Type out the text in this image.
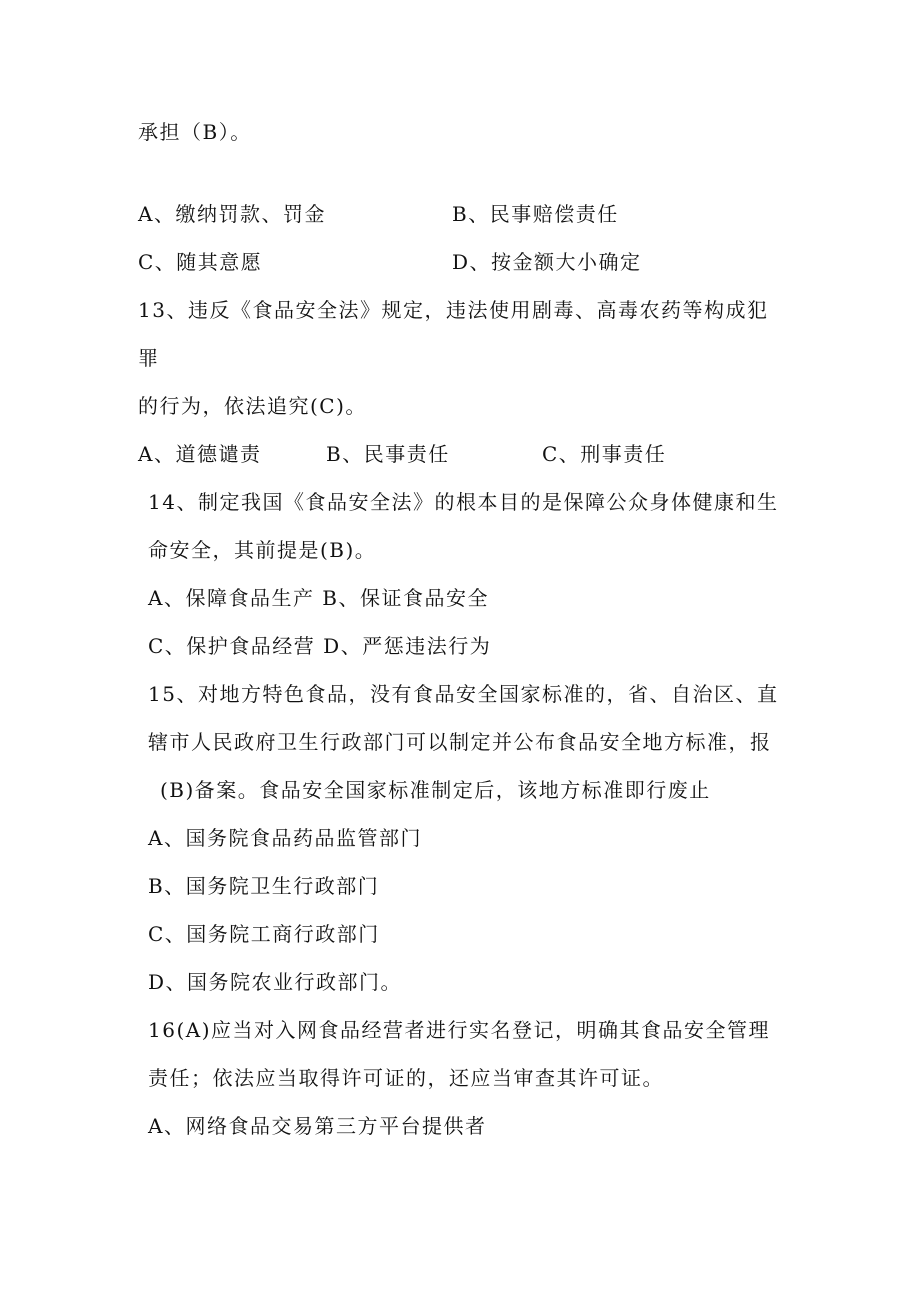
承担（B）。
A、缴纳罚款、罚金	B、民事赔偿责任
C、随其意愿	D、按金额大小确定
13、违反《食品安全法》规定，违法使用剧毒、高毒农药等构成犯
罪
的行为，依法追究(C)。
A、道德谴责	B、民事责任	C、刑事责任
14、制定我国《食品安全法》的根本目的是保障公众身体健康和生
命安全，其前提是(B)。
A、保障食品生产 B、保证食品安全
C、保护食品经营 D、严惩违法行为
15、对地方特色食品，没有食品安全国家标准的，省、自治区、直
辖市人民政府卫生行政部门可以制定并公布食品安全地方标准，报
(B)备案。食品安全国家标准制定后，该地方标准即行废止
A、国务院食品药品监管部门
B、国务院卫生行政部门
C、国务院工商行政部门
D、国务院农业行政部门。
16(A)应当对入网食品经营者进行实名登记，明确其食品安全管理
责任；依法应当取得许可证的，还应当审查其许可证。
A、网络食品交易第三方平台提供者
